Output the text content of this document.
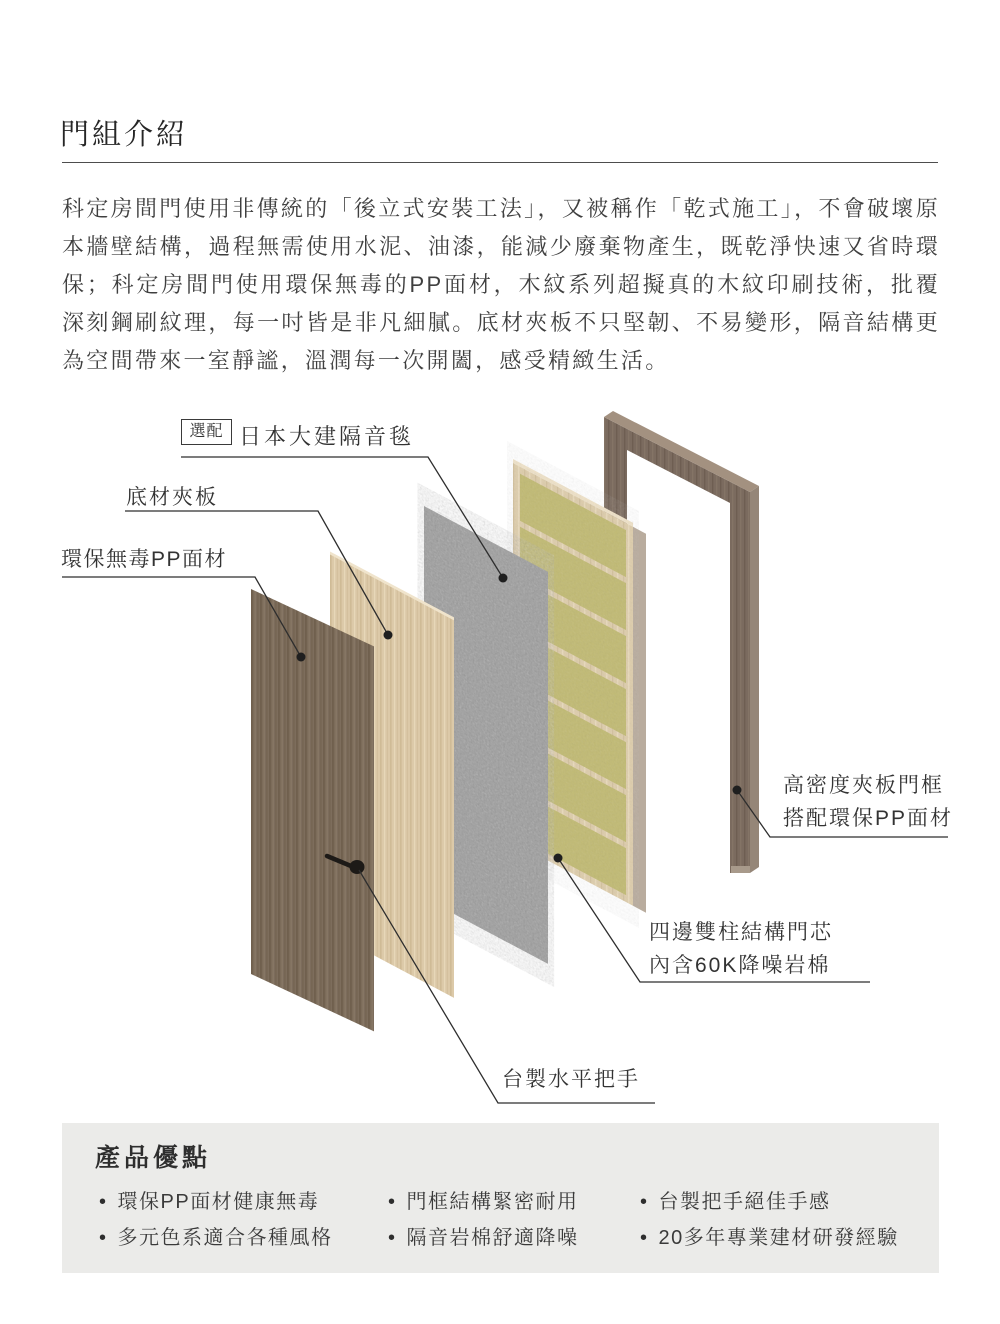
門組介紹

科定房間門使用非傳統的「後立式安裝工法」，又被稱作「乾式施工」，不會破壞原本牆壁結構，過程無需使用水泥、油漆，能減少廢棄物產生，既乾淨快速又省時環保；科定房間門使用環保無毒的PP面材，木紋系列超擬真的木紋印刷技術，批覆深刻鋼刷紋理，每一吋皆是非凡細膩。底材夾板不只堅韌、不易變形，隔音結構更為空間帶來一室靜謐，溫潤每一次開闔，感受精緻生活。

選配 日本大建隔音毯
底材夾板
環保無毒PP面材
高密度夾板門框
搭配環保PP面材
四邊雙柱結構門芯
內含60K降噪岩棉
台製水平把手
產品優點
• 環保PP面材健康無毒	• 門框結構緊密耐用	• 台製把手絕佳手感
• 多元色系適合各種風格	• 隔音岩棉舒適降噪	• 20多年專業建材研發經驗
